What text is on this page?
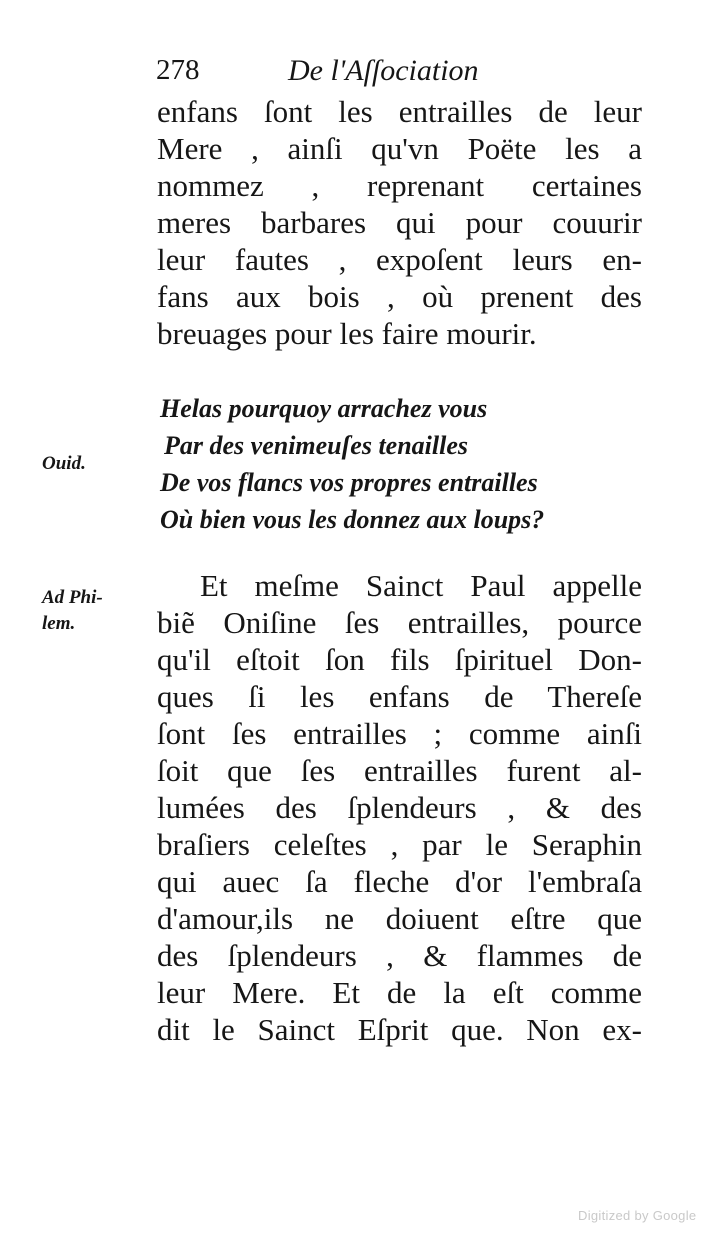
278	De l'Aſſociation
enfans ſont les entrailles de leur
Mere , ainſi qu'vn Poëte les a
nommez , reprenant certaines
meres barbares qui pour couurir
leur fautes , expoſent leurs en-
fans aux bois , où prenent des
breuages pour les faire mourir.
Helas pourquoy arrachez vous
Par des venimeuſes tenailles
De vos flancs vos propres entrailles
Où bien vous les donnez aux loups?
Ouid.
Ad Phi-
lem.
Et meſme Sainct Paul appelle
biẽ Oniſine ſes entrailles, pource
qu'il eſtoit ſon fils ſpirituel Don-
ques ſi les enfans de Thereſe
ſont ſes entrailles ; comme ainſi
ſoit que ſes entrailles furent al-
lumées des ſplendeurs , & des
braſiers celeſtes , par le Seraphin
qui auec ſa fleche d'or l'embraſa
d'amour,ils ne doiuent eſtre que
des ſplendeurs , & flammes de
leur Mere. Et de la eſt comme
dit le Sainct Eſprit que. Non ex-
Digitized by Google
